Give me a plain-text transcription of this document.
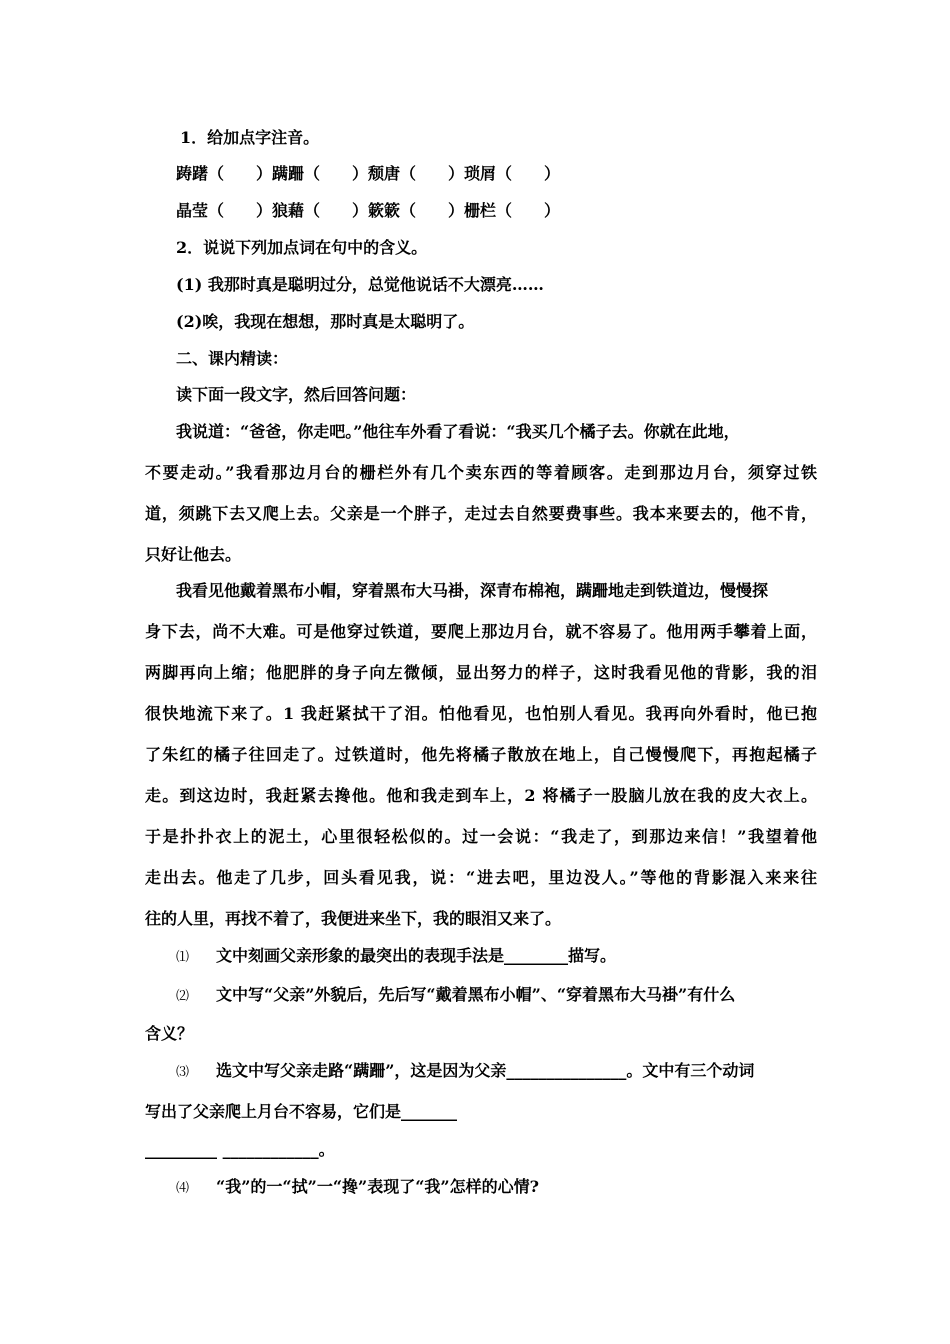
1．给加点字注音。
踌躇（　　）蹒跚（　　）颓唐（　　）琐屑（　　）
晶莹（　　）狼藉（　　）簌簌（　　）栅栏（　　）
2．说说下列加点词在句中的含义。
(1) 我那时真是聪明过分，总觉他说话不大漂亮……
(2)唉，我现在想想，那时真是太聪明了。
二、课内精读：
读下面一段文字，然后回答问题：
我说道：“爸爸，你走吧。”他往车外看了看说：“我买几个橘子去。你就在此地，
不要走动。”我看那边月台的栅栏外有几个卖东西的等着顾客。走到那边月台，须穿过铁
道，须跳下去又爬上去。父亲是一个胖子，走过去自然要费事些。我本来要去的，他不肯，
只好让他去。
我看见他戴着黑布小帽，穿着黑布大马褂，深青布棉袍，蹒跚地走到铁道边，慢慢探
身下去，尚不大难。可是他穿过铁道，要爬上那边月台，就不容易了。他用两手攀着上面，
两脚再向上缩；他肥胖的身子向左微倾，显出努力的样子，这时我看见他的背影，我的泪
很快地流下来了。1 我赶紧拭干了泪。怕他看见，也怕别人看见。我再向外看时，他已抱
了朱红的橘子往回走了。过铁道时，他先将橘子散放在地上，自己慢慢爬下，再抱起橘子
走。到这边时，我赶紧去搀他。他和我走到车上，2 将橘子一股脑儿放在我的皮大衣上。
于是扑扑衣上的泥土，心里很轻松似的。过一会说：“我走了，到那边来信！”我望着他
走出去。他走了几步，回头看见我，说：“进去吧，里边没人。”等他的背影混入来来往
往的人里，再找不着了，我便进来坐下，我的眼泪又来了。
⑴ 文中刻画父亲形象的最突出的表现手法是________描写。
⑵ 文中写“父亲”外貌后，先后写“戴着黑布小帽”、“穿着黑布大马褂”有什么
含义？
⑶ 选文中写父亲走路“蹒跚”，这是因为父亲_______________。文中有三个动词
写出了父亲爬上月台不容易，它们是_______
_________ ____________。
⑷ “我”的一“拭”一“搀”表现了“我”怎样的心情?
